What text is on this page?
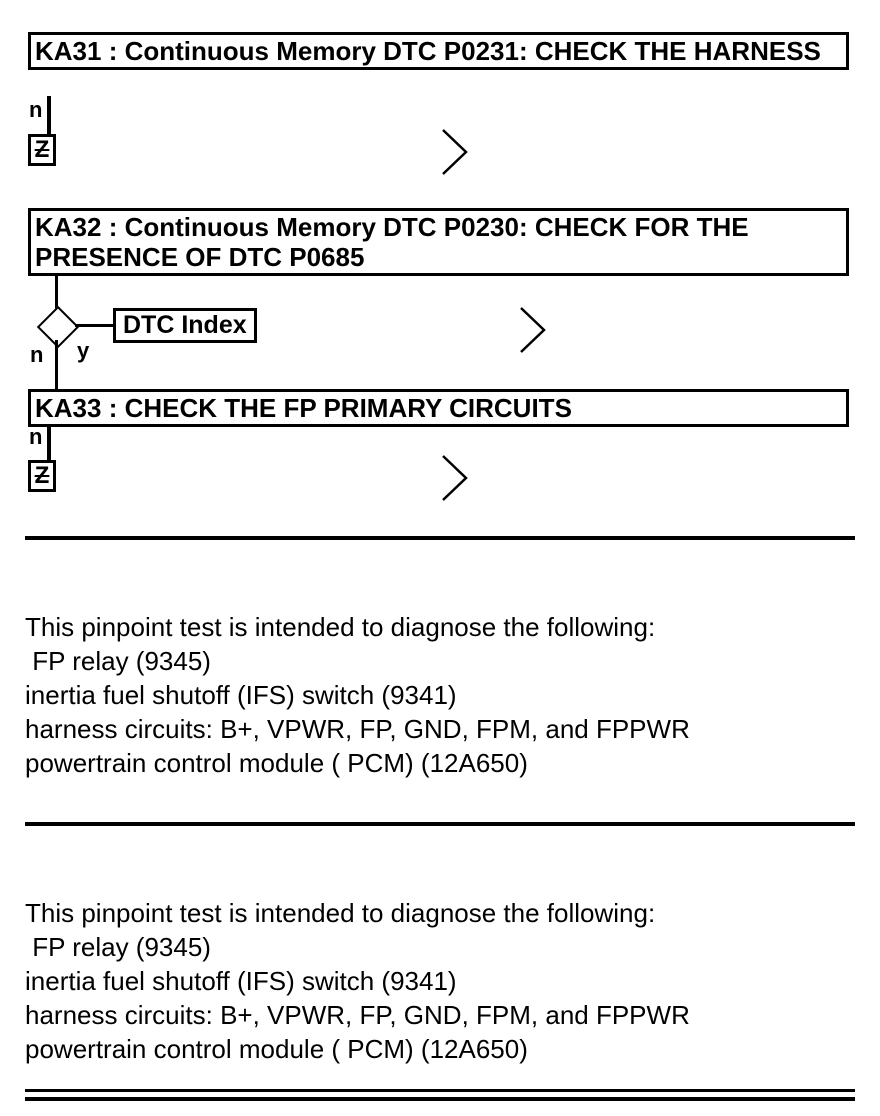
KA31 : Continuous Memory DTC P0231: CHECK THE HARNESS
n
Z
KA32 : Continuous Memory DTC P0230: CHECK FOR THE PRESENCE OF DTC P0685
DTC Index
n y
KA33 : CHECK THE FP PRIMARY CIRCUITS
n
Z
This pinpoint test is intended to diagnose the following:
FP relay (9345)
inertia fuel shutoff (IFS) switch (9341)
harness circuits: B+, VPWR, FP, GND, FPM, and FPPWR
powertrain control module ( PCM) (12A650)
This pinpoint test is intended to diagnose the following:
FP relay (9345)
inertia fuel shutoff (IFS) switch (9341)
harness circuits: B+, VPWR, FP, GND, FPM, and FPPWR
powertrain control module ( PCM) (12A650)
